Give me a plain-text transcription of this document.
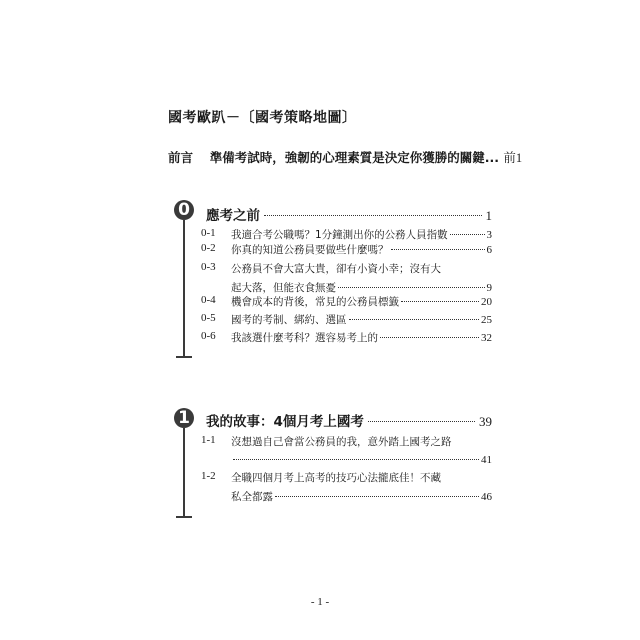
國考歐趴－〔國考策略地圖〕
前言 準備考試時，強韌的心理素質是決定你獲勝的關鍵... 前1
0	應考之前	1
0-1 我適合考公職嗎？1分鐘測出你的公務人員指數	3
0-2 你真的知道公務員要做些什麼嗎？	6
0-3 公務員不會大富大貴，卻有小資小幸；沒有大
起大落，但能衣食無憂	9
0-4 機會成本的背後，常見的公務員標籤	20
0-5 國考的考制、綁約、選區	25
0-6 我該選什麼考科？選容易考上的	32
1	我的故事：4個月考上國考	39
1-1 沒想過自己會當公務員的我，意外踏上國考之路
41
1-2 全職四個月考上高考的技巧心法攏底佳！不藏
私全都露	46
- 1 -
